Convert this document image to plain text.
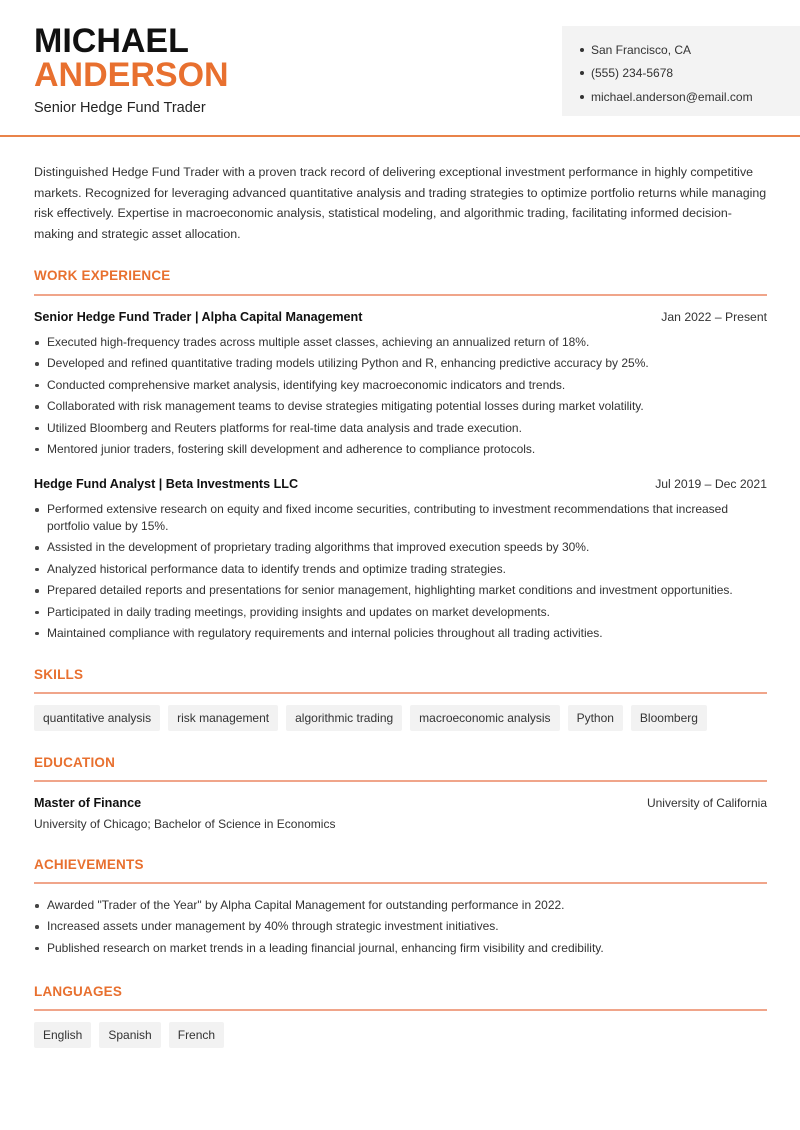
MICHAEL
ANDERSON
Senior Hedge Fund Trader
San Francisco, CA
(555) 234-5678
michael.anderson@email.com

Distinguished Hedge Fund Trader with a proven track record of delivering exceptional investment performance in highly competitive markets. Recognized for leveraging advanced quantitative analysis and trading strategies to optimize portfolio returns while managing risk effectively. Expertise in macroeconomic analysis, statistical modeling, and algorithmic trading, facilitating informed decision-making and strategic asset allocation.

WORK EXPERIENCE
Senior Hedge Fund Trader | Alpha Capital Management	Jan 2022 – Present
Executed high-frequency trades across multiple asset classes, achieving an annualized return of 18%.
Developed and refined quantitative trading models utilizing Python and R, enhancing predictive accuracy by 25%.
Conducted comprehensive market analysis, identifying key macroeconomic indicators and trends.
Collaborated with risk management teams to devise strategies mitigating potential losses during market volatility.
Utilized Bloomberg and Reuters platforms for real-time data analysis and trade execution.
Mentored junior traders, fostering skill development and adherence to compliance protocols.
Hedge Fund Analyst | Beta Investments LLC	Jul 2019 – Dec 2021
Performed extensive research on equity and fixed income securities, contributing to investment recommendations that increased portfolio value by 15%.
Assisted in the development of proprietary trading algorithms that improved execution speeds by 30%.
Analyzed historical performance data to identify trends and optimize trading strategies.
Prepared detailed reports and presentations for senior management, highlighting market conditions and investment opportunities.
Participated in daily trading meetings, providing insights and updates on market developments.
Maintained compliance with regulatory requirements and internal policies throughout all trading activities.
SKILLS
quantitative analysis	risk management	algorithmic trading	macroeconomic analysis	Python	Bloomberg
EDUCATION
Master of Finance	University of California
University of Chicago; Bachelor of Science in Economics
ACHIEVEMENTS
Awarded "Trader of the Year" by Alpha Capital Management for outstanding performance in 2022.
Increased assets under management by 40% through strategic investment initiatives.
Published research on market trends in a leading financial journal, enhancing firm visibility and credibility.
LANGUAGES
English	Spanish	French
